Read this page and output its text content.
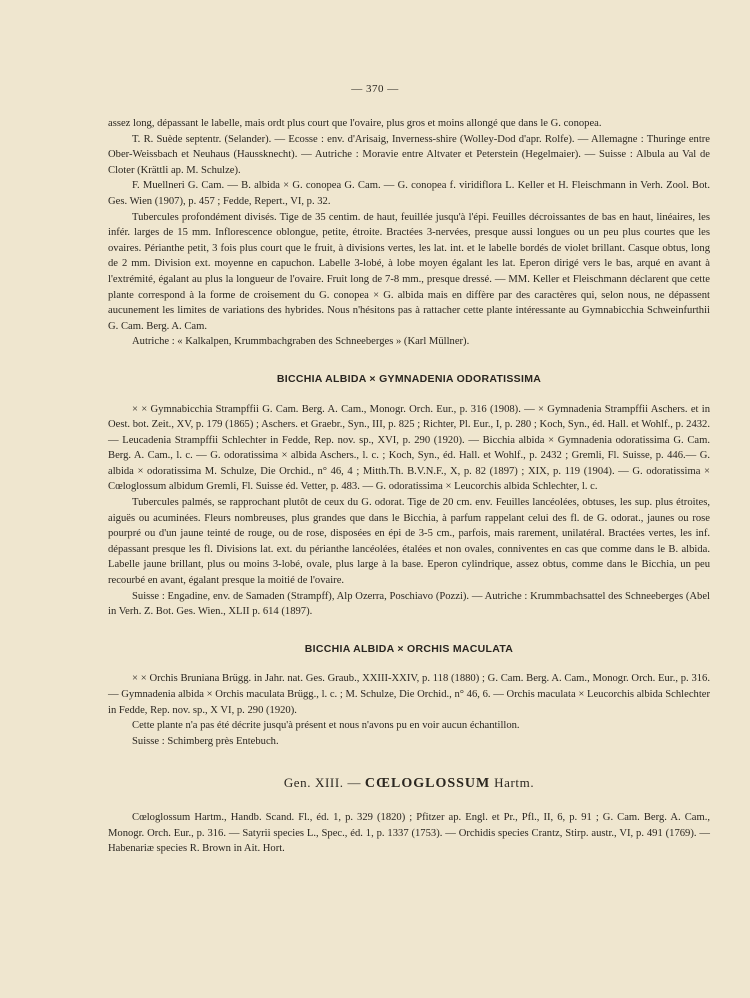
— 370 —

assez long, dépassant le labelle, mais ordt plus court que l'ovaire, plus gros et moins allongé que dans le G. conopea.

T. R. Suède septentr. (Selander). — Ecosse : env. d'Arisaig, Inverness-shire (Wolley-Dod d'apr. Rolfe). — Allemagne : Thuringe entre Ober-Weissbach et Neuhaus (Haussknecht). — Autriche : Moravie entre Altvater et Peterstein (Hegelmaier). — Suisse : Albula au Val de Cloter (Krättli ap. M. Schulze).

F. Muellneri G. Cam. — B. albida × G. conopea G. Cam. — G. conopea f. viridiflora L. Keller et H. Fleischmann in Verh. Zool. Bot. Ges. Wien (1907), p. 457 ; Fedde, Repert., VI, p. 32.

Tubercules profondément divisés. Tige de 35 centim. de haut, feuillée jusqu'à l'épi. Feuilles décroissantes de bas en haut, linéaires, les infér. larges de 15 mm. Inflorescence oblongue, petite, étroite. Bractées 3-nervées, presque aussi longues ou un peu plus courtes que les ovaires. Périanthe petit, 3 fois plus court que le fruit, à divisions vertes, les lat. int. et le labelle bordés de violet brillant. Casque obtus, long de 2 mm. Division ext. moyenne en capuchon. Labelle 3-lobé, à lobe moyen égalant les lat. Eperon dirigé vers le bas, arqué en avant à l'extrémité, égalant au plus la longueur de l'ovaire. Fruit long de 7-8 mm., presque dressé. — MM. Keller et Fleischmann déclarent que cette plante correspond à la forme de croisement du G. conopea × G. albida mais en diffère par des caractères qui, selon nous, ne dépassent aucunement les limites de variations des hybrides. Nous n'hésitons pas à rattacher cette plante intéressante au Gymnabicchia Schweinfurthii G. Cam. Berg. A. Cam.

Autriche : « Kalkalpen, Krummbachgraben des Schneeberges » (Karl Müllner).

BICCHIA ALBIDA × GYMNADENIA ODORATISSIMA

× × Gymnabicchia Strampffii G. Cam. Berg. A. Cam., Monogr. Orch. Eur., p. 316 (1908). — × Gymnadenia Strampffii Aschers. et in Oest. bot. Zeit., XV, p. 179 (1865) ; Aschers. et Graebr., Syn., III, p. 825 ; Richter, Pl. Eur., I, p. 280 ; Koch, Syn., éd. Hall. et Wohlf., p. 2432. — Leucadenia Strampffii Schlechter in Fedde, Rep. nov. sp., XVI, p. 290 (1920). — Bicchia albida × Gymnadenia odoratissima G. Cam. Berg. A. Cam., l. c. — G. odoratissima × albida Aschers., l. c. ; Koch, Syn., éd. Hall. et Wohlf., p. 2432 ; Gremli, Fl. Suisse, p. 446.— G. albida × odoratissima M. Schulze, Die Orchid., n° 46, 4 ; Mitth.Th. B.V.N.F., X, p. 82 (1897) ; XIX, p. 119 (1904). — G. odoratissima × Cœloglossum albidum Gremli, Fl. Suisse éd. Vetter, p. 483. — G. odoratissima × Leucorchis albida Schlechter, l. c.

Tubercules palmés, se rapprochant plutôt de ceux du G. odorat. Tige de 20 cm. env. Feuilles lancéolées, obtuses, les sup. plus étroites, aiguës ou acuminées. Fleurs nombreuses, plus grandes que dans le Bicchia, à parfum rappelant celui des fl. de G. odorat., jaunes ou rose pourpré ou d'un jaune teinté de rouge, ou de rose, disposées en épi de 3-5 cm., parfois, mais rarement, unilatéral. Bractées vertes, les inf. dépassant presque les fl. Divisions lat. ext. du périanthe lancéolées, étalées et non ovales, conniventes en cas que comme dans le B. albida. Labelle jaune brillant, plus ou moins 3-lobé, ovale, plus large à la base. Eperon cylindrique, assez obtus, comme dans le Bicchia, un peu recourbé en avant, égalant presque la moitié de l'ovaire.

Suisse : Engadine, env. de Samaden (Strampff), Alp Ozerra, Poschiavo (Pozzi). — Autriche : Krummbachsattel des Schneeberges (Abel in Verh. Z. Bot. Ges. Wien., XLII p. 614 (1897).

BICCHIA ALBIDA × ORCHIS MACULATA

× × Orchis Bruniana Brügg. in Jahr. nat. Ges. Graub., XXIII-XXIV, p. 118 (1880) ; G. Cam. Berg. A. Cam., Monogr. Orch. Eur., p. 316. — Gymnadenia albida × Orchis maculata Brügg., l. c. ; M. Schulze, Die Orchid., n° 46, 6. — Orchis maculata × Leucorchis albida Schlechter in Fedde, Rep. nov. sp., X VI, p. 290 (1920).

Cette plante n'a pas été décrite jusqu'à présent et nous n'avons pu en voir aucun échantillon.

Suisse : Schimberg près Entebuch.

Gen. XIII. — CŒLOGLOSSUM Hartm.

Cœloglossum Hartm., Handb. Scand. Fl., éd. 1, p. 329 (1820) ; Pfitzer ap. Engl. et Pr., Pfl., II, 6, p. 91 ; G. Cam. Berg. A. Cam., Monogr. Orch. Eur., p. 316. — Satyrii species L., Spec., éd. 1, p. 1337 (1753). — Orchidis species Crantz, Stirp. austr., VI, p. 491 (1769). — Habenariæ species R. Brown in Ait. Hort.
